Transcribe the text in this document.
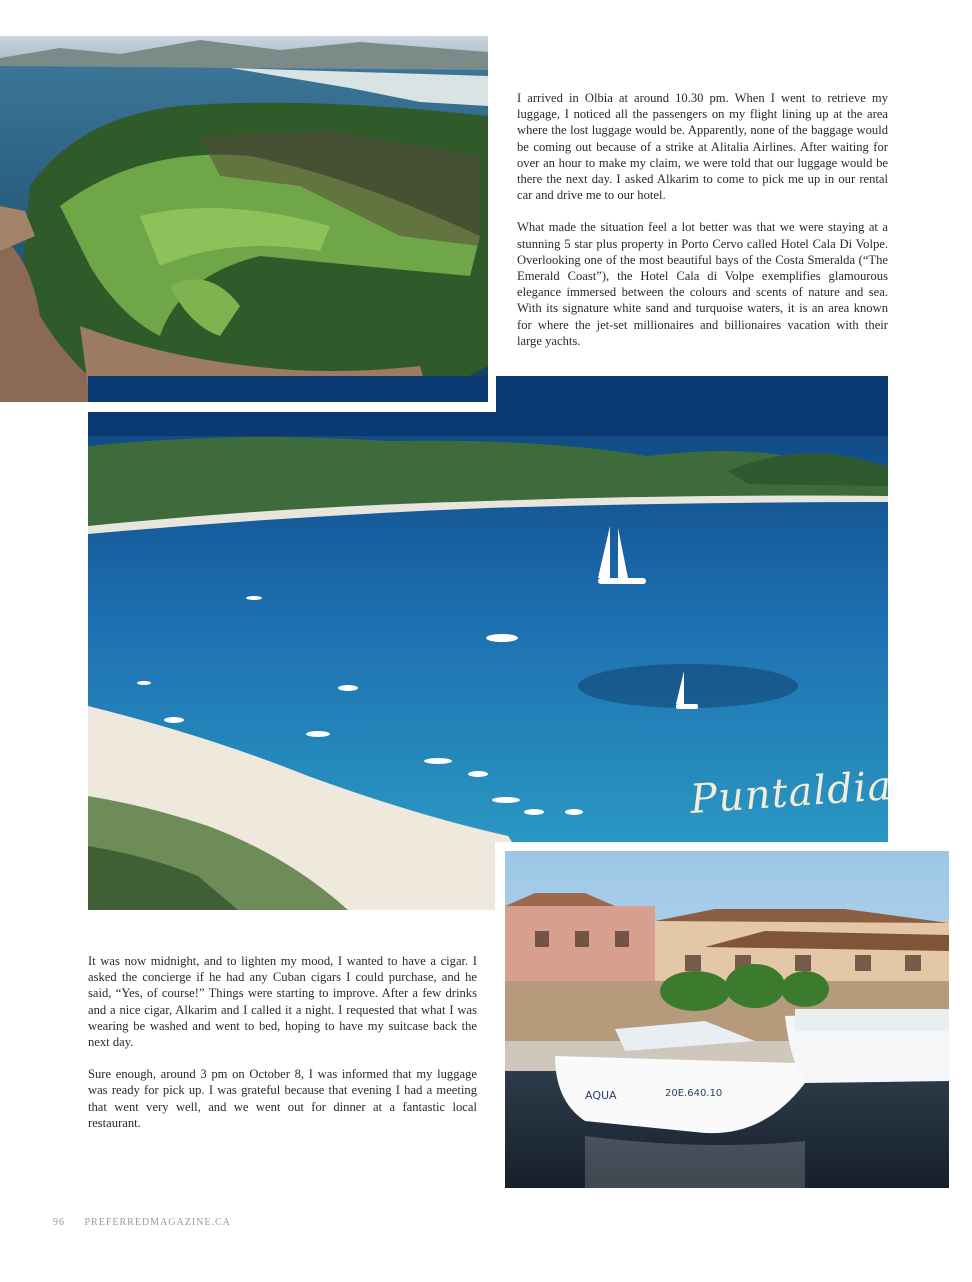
AQUA	20E.640.10
Puntaldia

I arrived in Olbia at around 10.30 pm. When I went to retrieve my luggage, I noticed all the passengers on my flight lining up at the area where the lost luggage would be. Apparently, none of the baggage would be coming out because of a strike at Alitalia Airlines. After waiting for over an hour to make my claim, we were told that our luggage would be there the next day. I asked Alkarim to come to pick me up in our rental car and drive me to our hotel.

What made the situation feel a lot better was that we were staying at a stunning 5 star plus property in Porto Cervo called Hotel Cala Di Volpe. Overlooking one of the most beautiful bays of the Costa Smeralda (“The Emerald Coast”), the Hotel Cala di Volpe exemplifies glamourous elegance immersed between the colours and scents of nature and sea. With its signature white sand and turquoise waters, it is an area known for where the jet-set millionaires and billionaires vacation with their large yachts.

It was now midnight, and to lighten my mood, I wanted to have a cigar. I asked the concierge if he had any Cuban cigars I could purchase, and he said, “Yes, of course!” Things were starting to improve. After a few drinks and a nice cigar, Alkarim and I called it a night. I requested that what I was wearing be washed and went to bed, hoping to have my suitcase back the next day.

Sure enough, around 3 pm on October 8, I was informed that my luggage was ready for pick up. I was grateful because that evening I had a meeting that went very well, and we went out for dinner at a fantastic local restaurant.

96 PREFERREDMAGAZINE.CA
